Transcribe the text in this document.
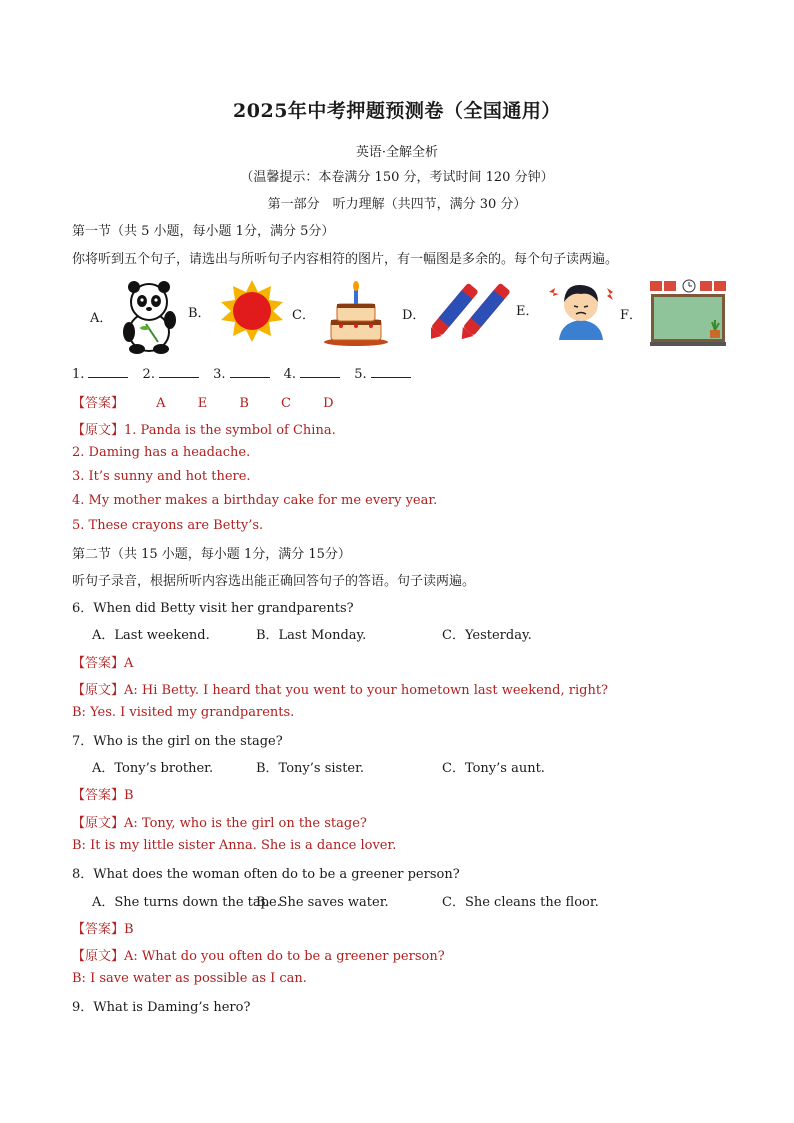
2025年中考押题预测卷（全国通用）
英语·全解全析
（温馨提示：本卷满分 150 分，考试时间 120 分钟）
第一部分　听力理解（共四节，满分 30 分）
第一节（共 5 小题，每小题 1分，满分 5分）
你将听到五个句子，请选出与所听句子内容相符的图片，有一幅图是多余的。每个句子读两遍。
A．	B．	C．	D．	E．	F．
1.	2.	3.	4.	5.
【答案】 A E B C D
【原文】1. Panda is the symbol of China.
2. Daming has a headache.
3. It’s sunny and hot there.
4. My mother makes a birthday cake for me every year.
5. These crayons are Betty’s.
第二节（共 15 小题，每小题 1分，满分 15分）
听句子录音，根据所听内容选出能正确回答句子的答语。句子读两遍。
6．When did Betty visit her grandparents?
A．Last weekend.	B．Last Monday.	C．Yesterday.
【答案】A
【原文】A: Hi Betty. I heard that you went to your hometown last weekend, right?
B: Yes. I visited my grandparents.
7．Who is the girl on the stage?
A．Tony’s brother.	B．Tony’s sister.	C．Tony’s aunt.
【答案】B
【原文】A: Tony, who is the girl on the stage?
B: It is my little sister Anna. She is a dance lover.
8．What does the woman often do to be a greener person?
A．She turns down the tape.
B．She saves water.	C．She cleans the floor.
【答案】B
【原文】A: What do you often do to be a greener person?
B: I save water as possible as I can.
9．What is Daming’s hero?
